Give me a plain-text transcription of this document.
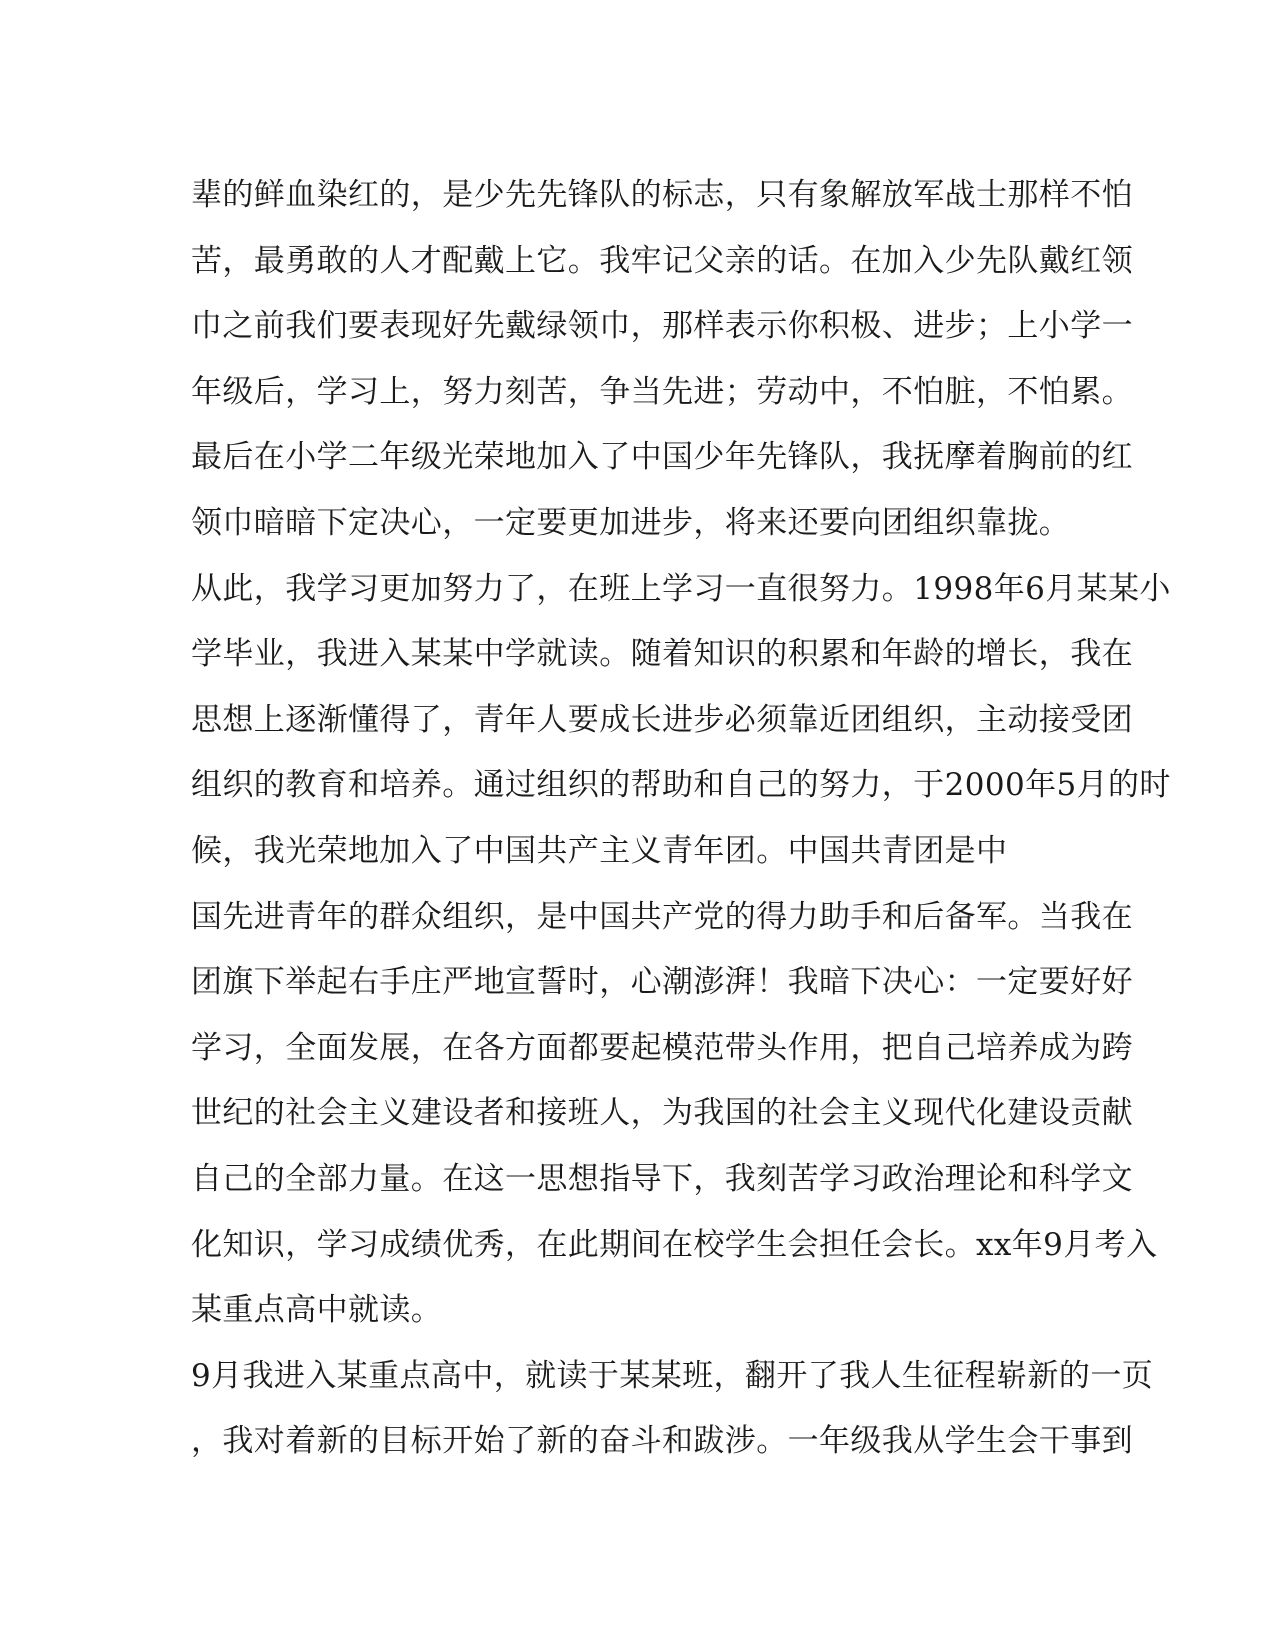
辈的鲜血染红的，是少先先锋队的标志，只有象解放军战士那样不怕
苦，最勇敢的人才配戴上它。我牢记父亲的话。在加入少先队戴红领
巾之前我们要表现好先戴绿领巾，那样表示你积极、进步；上小学一
年级后，学习上，努力刻苦，争当先进；劳动中，不怕脏，不怕累。
最后在小学二年级光荣地加入了中国少年先锋队，我抚摩着胸前的红
领巾暗暗下定决心，一定要更加进步，将来还要向团组织靠拢。
从此，我学习更加努力了，在班上学习一直很努力。1998年6月某某小
学毕业，我进入某某中学就读。随着知识的积累和年龄的增长，我在
思想上逐渐懂得了，青年人要成长进步必须靠近团组织，主动接受团
组织的教育和培养。通过组织的帮助和自己的努力，于2000年5月的时
候，我光荣地加入了中国共产主义青年团。中国共青团是中
国先进青年的群众组织，是中国共产党的得力助手和后备军。当我在
团旗下举起右手庄严地宣誓时，心潮澎湃！我暗下决心：一定要好好
学习，全面发展，在各方面都要起模范带头作用，把自己培养成为跨
世纪的社会主义建设者和接班人，为我国的社会主义现代化建设贡献
自己的全部力量。在这一思想指导下，我刻苦学习政治理论和科学文
化知识，学习成绩优秀，在此期间在校学生会担任会长。xx年9月考入
某重点高中就读。
9月我进入某重点高中，就读于某某班，翻开了我人生征程崭新的一页
，我对着新的目标开始了新的奋斗和跋涉。一年级我从学生会干事到
